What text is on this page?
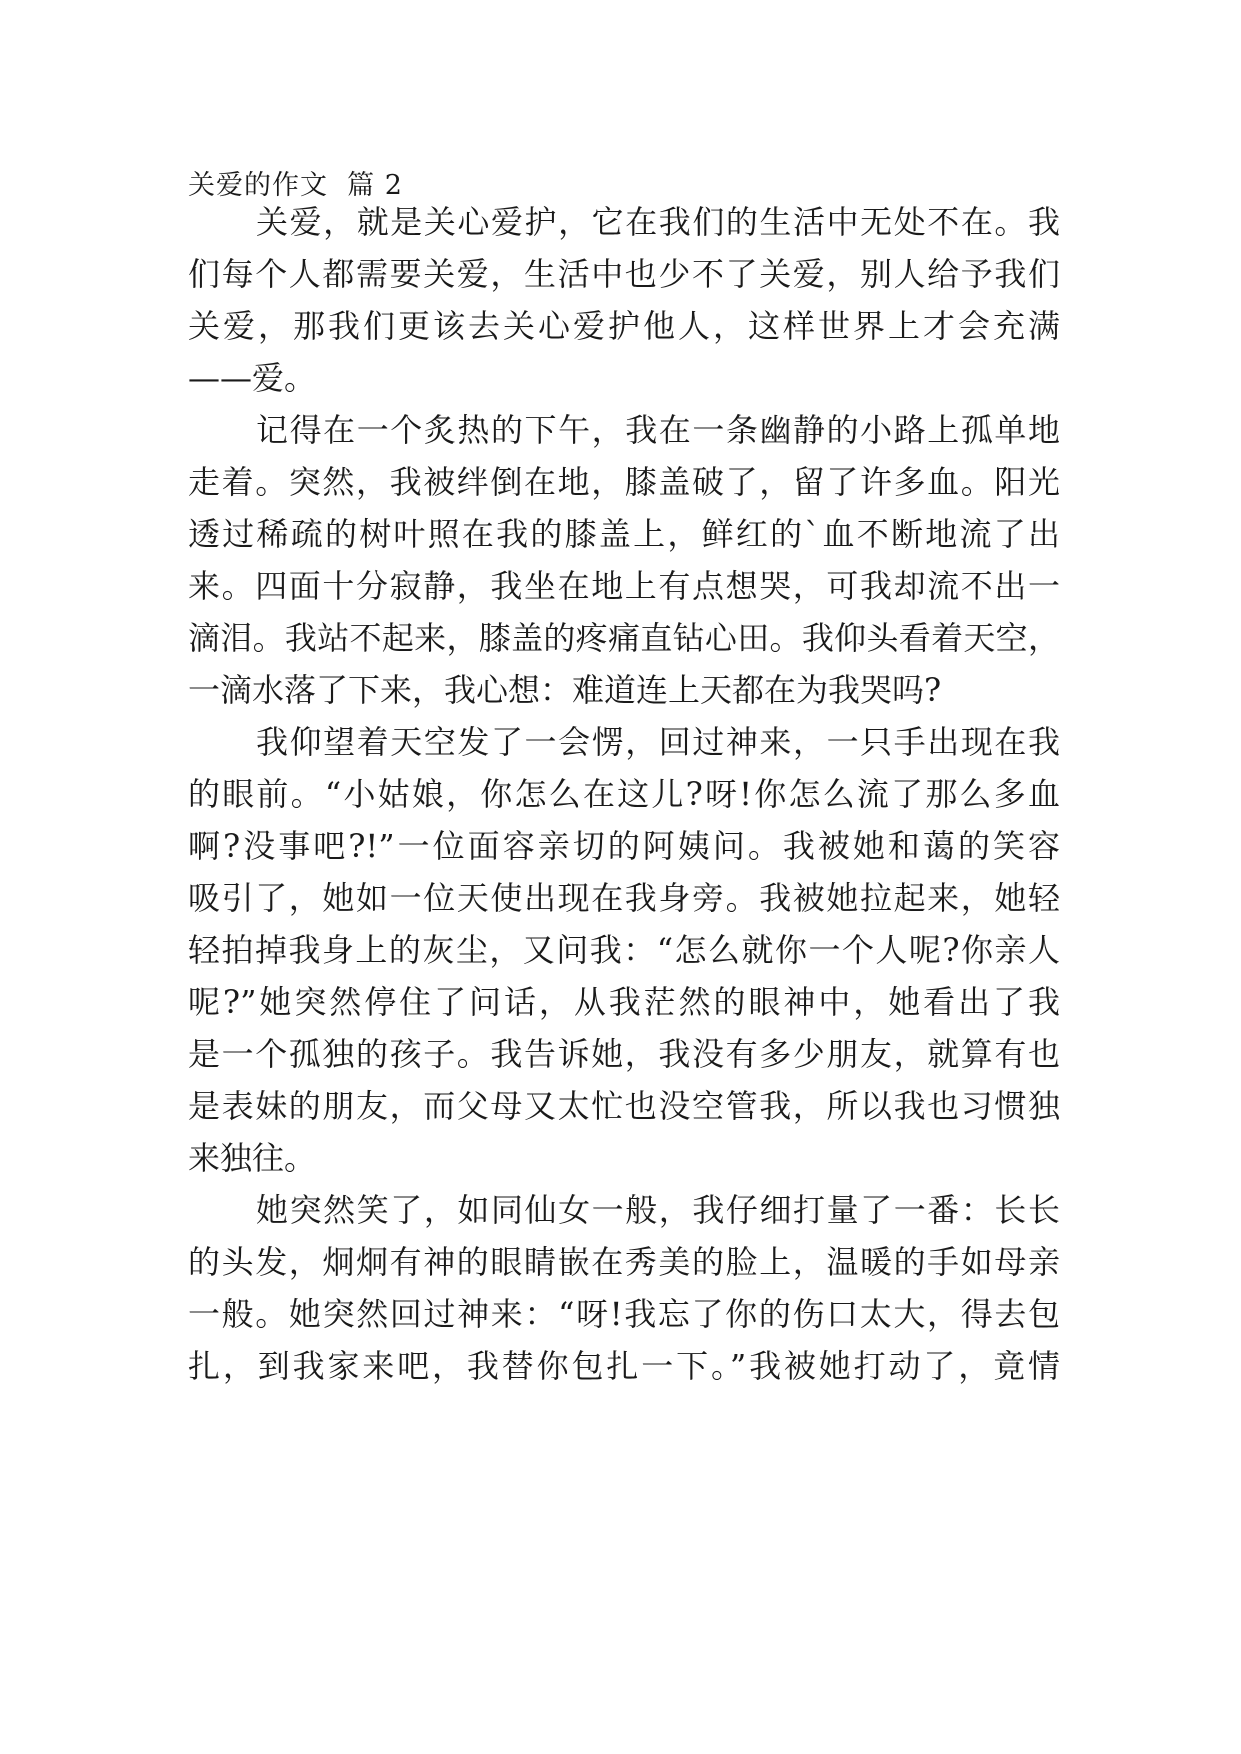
关爱的作文  篇 2
关爱，就是关心爱护，它在我们的生活中无处不在。我
们每个人都需要关爱，生活中也少不了关爱，别人给予我们
关爱，那我们更该去关心爱护他人，这样世界上才会充满
——爱。
记得在一个炙热的下午，我在一条幽静的小路上孤单地
走着。突然，我被绊倒在地，膝盖破了，留了许多血。阳光
透过稀疏的树叶照在我的膝盖上，鲜红的`血不断地流了出
来。四面十分寂静，我坐在地上有点想哭，可我却流不出一
滴泪。我站不起来，膝盖的疼痛直钻心田。我仰头看着天空，
一滴水落了下来，我心想：难道连上天都在为我哭吗?
我仰望着天空发了一会愣，回过神来，一只手出现在我
的眼前。“小姑娘，你怎么在这儿?呀!你怎么流了那么多血
啊?没事吧?!”一位面容亲切的阿姨问。我被她和蔼的笑容
吸引了，她如一位天使出现在我身旁。我被她拉起来，她轻
轻拍掉我身上的灰尘，又问我：“怎么就你一个人呢?你亲人
呢?”她突然停住了问话，从我茫然的眼神中，她看出了我
是一个孤独的孩子。我告诉她，我没有多少朋友，就算有也
是表妹的朋友，而父母又太忙也没空管我，所以我也习惯独
来独往。
她突然笑了，如同仙女一般，我仔细打量了一番：长长
的头发，炯炯有神的眼睛嵌在秀美的脸上，温暖的手如母亲
一般。她突然回过神来：“呀!我忘了你的伤口太大，得去包
扎，到我家来吧，我替你包扎一下。”我被她打动了，竟情
